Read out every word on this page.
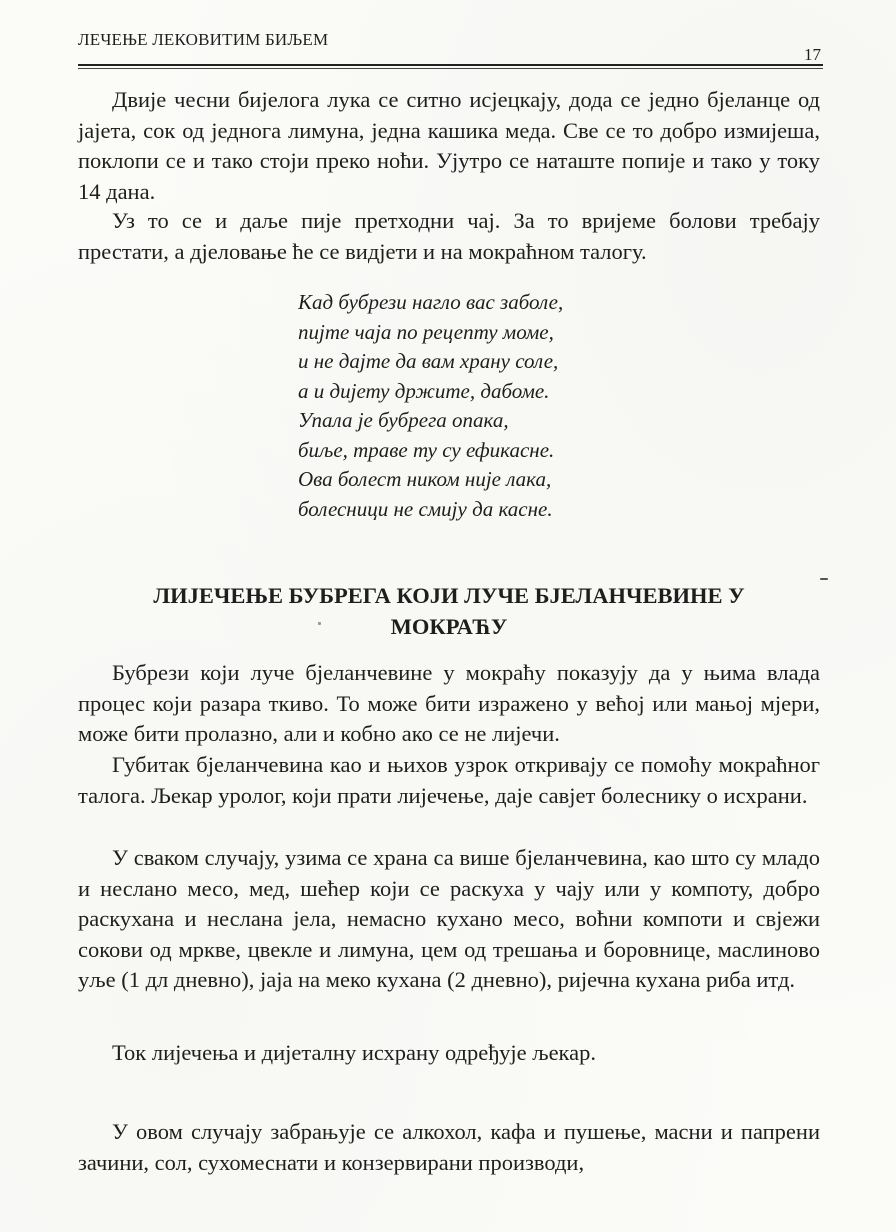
ЛЕЧЕЊЕ ЛЕКОВИТИМ БИЉЕМ
17

Двије чесни бијелога лука се ситно исјецкају, дода се једно бјеланце од јајета, сок од једнога лимуна, једна кашика меда. Све се то добро измијеша, поклопи се и тако стоји преко ноћи. Ујутро се наташте попије и тако у току 14 дана.

Уз то се и даље пије претходни чај. За то вријеме болови требају престати, а дјеловање ће се видјети и на мокраћном талогу.

Кад бубрези нагло вас заболе,
пијте чаја по рецепту моме,
и не дајте да вам храну соле,
а и дијету држите, дабоме.
Упала је бубрега опака,
биље, траве ту су ефикасне.
Ова болест ником није лака,
болесници не смију да касне.
ЛИЈЕЧЕЊЕ БУБРЕГА КОЈИ ЛУЧЕ БЈЕЛАНЧЕВИНЕ У
МОКРАЋУ

Бубрези који луче бјеланчевине у мокраћу показују да у њима влада процес који разара ткиво. То може бити изражено у већој или мањој мјери, може бити пролазно, али и кобно ако се не лијечи.

Губитак бјеланчевина као и њихов узрок откривају се помоћу мокраћног талога. Љекар уролог, који прати лијечење, даје савјет болеснику о исхрани.

У сваком случају, узима се храна са више бјеланчевина, као што су младо и неслано месо, мед, шећер који се раскуха у чају или у компоту, добро раскухана и неслана јела, немасно кухано месо, воћни компоти и свјежи сокови од мркве, цвекле и лимуна, цем од трешања и боровнице, маслиново уље (1 дл дневно), јаја на меко кухана (2 дневно), ријечна кухана риба итд.

Ток лијечења и дијеталну исхрану одређује љекар.

У овом случају забрањује се алкохол, кафа и пушење, масни и папрени зачини, сол, сухомеснати и конзервирани производи,
